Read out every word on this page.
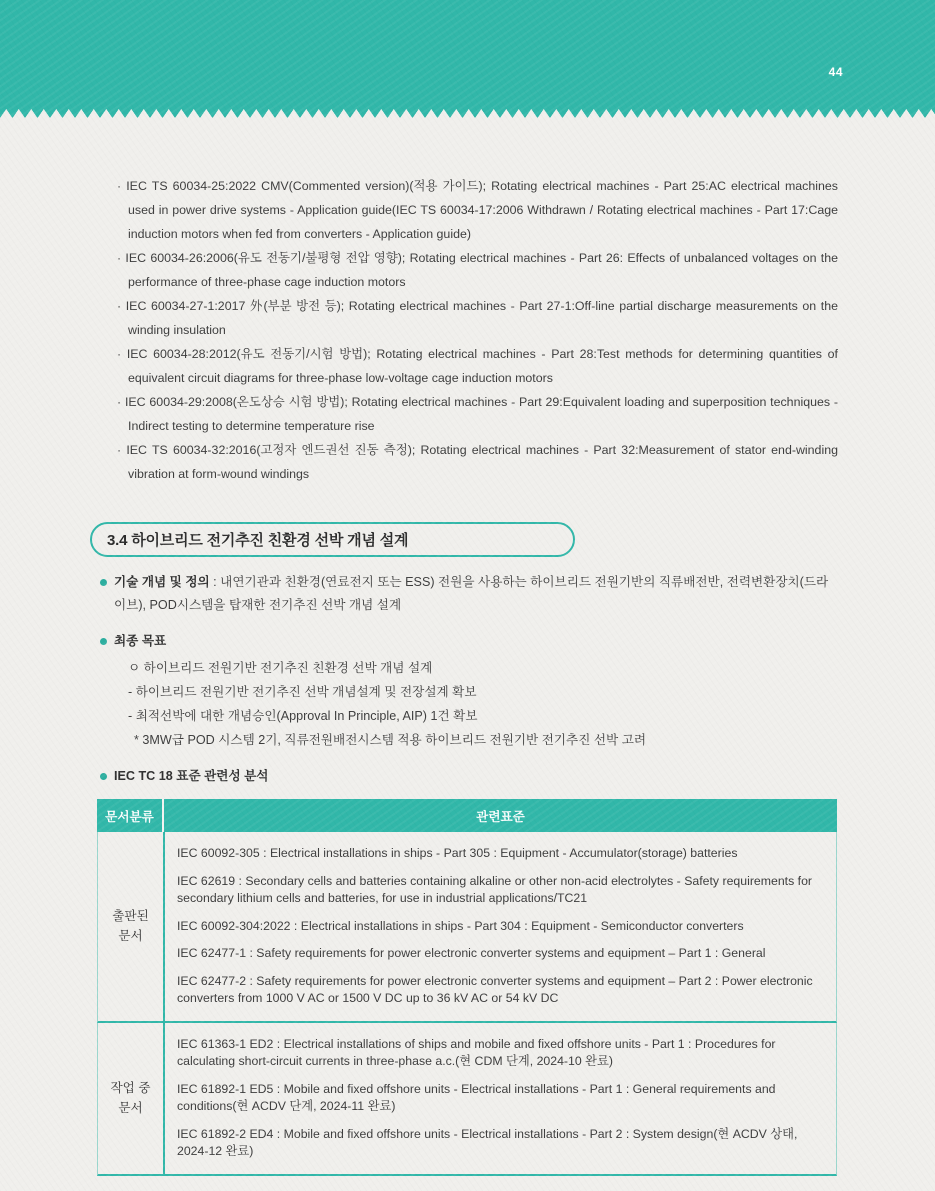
44
· IEC TS 60034-25:2022 CMV(Commented version)(적용 가이드); Rotating electrical machines - Part 25:AC electrical machines used in power drive systems - Application guide(IEC TS 60034-17:2006 Withdrawn / Rotating electrical machines - Part 17:Cage induction motors when fed from converters - Application guide)
· IEC 60034-26:2006(유도 전동기/불평형 전압 영향); Rotating electrical machines - Part 26: Effects of unbalanced voltages on the performance of three-phase cage induction motors
· IEC 60034-27-1:2017 外(부분 방전 등); Rotating electrical machines - Part 27-1:Off-line partial discharge measurements on the winding insulation
· IEC 60034-28:2012(유도 전동기/시험 방법); Rotating electrical machines - Part 28:Test methods for determining quantities of equivalent circuit diagrams for three-phase low-voltage cage induction motors
· IEC 60034-29:2008(온도상승 시험 방법); Rotating electrical machines - Part 29:Equivalent loading and superposition techniques - Indirect testing to determine temperature rise
· IEC TS 60034-32:2016(고정자 엔드권선 진동 측정); Rotating electrical machines - Part 32:Measurement of stator end-winding vibration at form-wound windings
3.4 하이브리드 전기추진 친환경 선박 개념 설계
기술 개념 및 정의 : 내연기관과 친환경(연료전지 또는 ESS) 전원을 사용하는 하이브리드 전원기반의 직류배전반, 전력변환장치(드라이브), POD시스템을 탑재한 전기추진 선박 개념 설계
최종 목표
ㅇ 하이브리드 전원기반 전기추진 친환경 선박 개념 설계
- 하이브리드 전원기반 전기추진 선박 개념설계 및 전장설계 확보
- 최적선박에 대한 개념승인(Approval In Principle, AIP) 1건 확보
* 3MW급 POD 시스템 2기, 직류전원배전시스템 적용 하이브리드 전원기반 전기추진 선박 고려
IEC TC 18 표준 관련성 분석
문서분류	관련표준
출판된
문서
IEC 60092-305 : Electrical installations in ships - Part 305 : Equipment - Accumulator(storage) batteries
IEC 62619 : Secondary cells and batteries containing alkaline or other non-acid electrolytes - Safety requirements for secondary lithium cells and batteries, for use in industrial applications/TC21
IEC 60092-304:2022 : Electrical installations in ships - Part 304 : Equipment - Semiconductor converters
IEC 62477-1 : Safety requirements for power electronic converter systems and equipment – Part 1 : General
IEC 62477-2 : Safety requirements for power electronic converter systems and equipment – Part 2 : Power electronic converters from 1000 V AC or 1500 V DC up to 36 kV AC or 54 kV DC
작업 중
문서
IEC 61363-1 ED2 : Electrical installations of ships and mobile and fixed offshore units - Part 1 : Procedures for calculating short-circuit currents in three-phase a.c.(현 CDM 단계, 2024-10 완료)
IEC 61892-1 ED5 : Mobile and fixed offshore units - Electrical installations - Part 1 : General requirements and conditions(현 ACDV 단계, 2024-11 완료)
IEC 61892-2 ED4 : Mobile and fixed offshore units - Electrical installations - Part 2 : System design(현 ACDV 상태, 2024-12 완료)
